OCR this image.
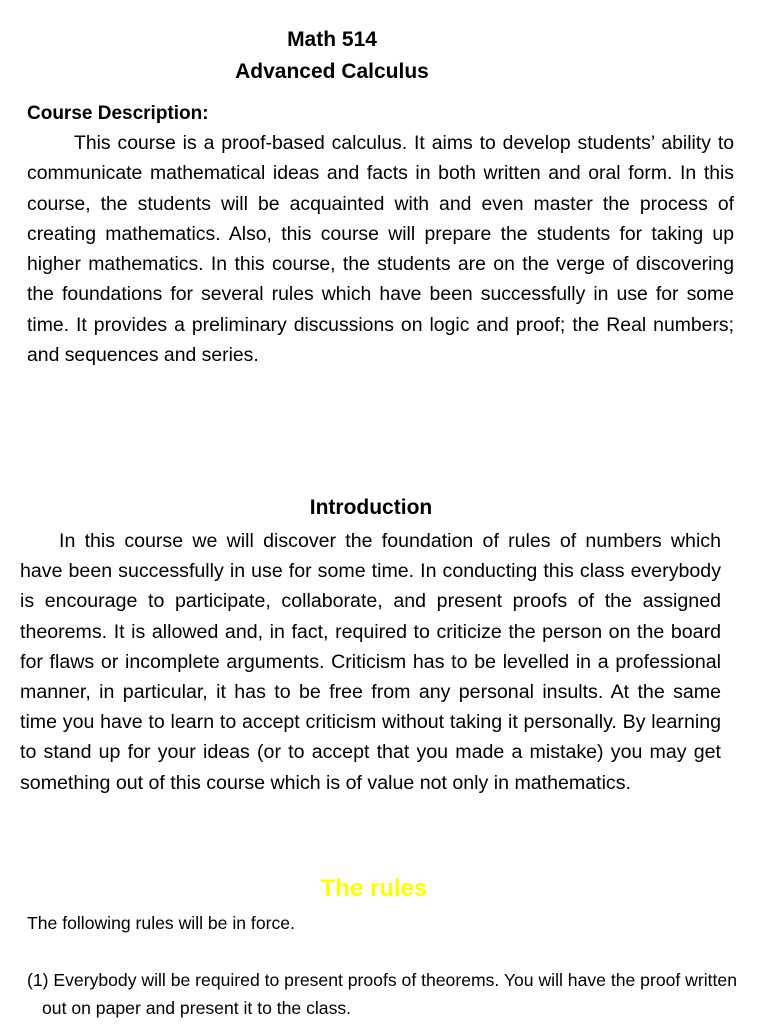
Math 514
Advanced Calculus
Course Description:

This course is a proof-based calculus. It aims to develop students’ ability to communicate mathematical ideas and facts in both written and oral form. In this course, the students will be acquainted with and even master the process of creating mathematics. Also, this course will prepare the students for taking up higher mathematics. In this course, the students are on the verge of discovering the foundations for several rules which have been successfully in use for some time. It provides a preliminary discussions on logic and proof; the Real numbers; and sequences and series.

Introduction

In this course we will discover the foundation of rules of numbers which have been successfully in use for some time. In conducting this class everybody is encourage to participate, collaborate, and present proofs of the assigned theorems. It is allowed and, in fact, required to criticize the person on the board for flaws or incomplete arguments. Criticism has to be levelled in a professional manner, in particular, it has to be free from any personal insults. At the same time you have to learn to accept criticism without taking it personally. By learning to stand up for your ideas (or to accept that you made a mistake) you may get something out of this course which is of value not only in mathematics.

The rules
The following rules will be in force.

(1) Everybody will be required to present proofs of theorems. You will have the proof written out on paper and present it to the class.
